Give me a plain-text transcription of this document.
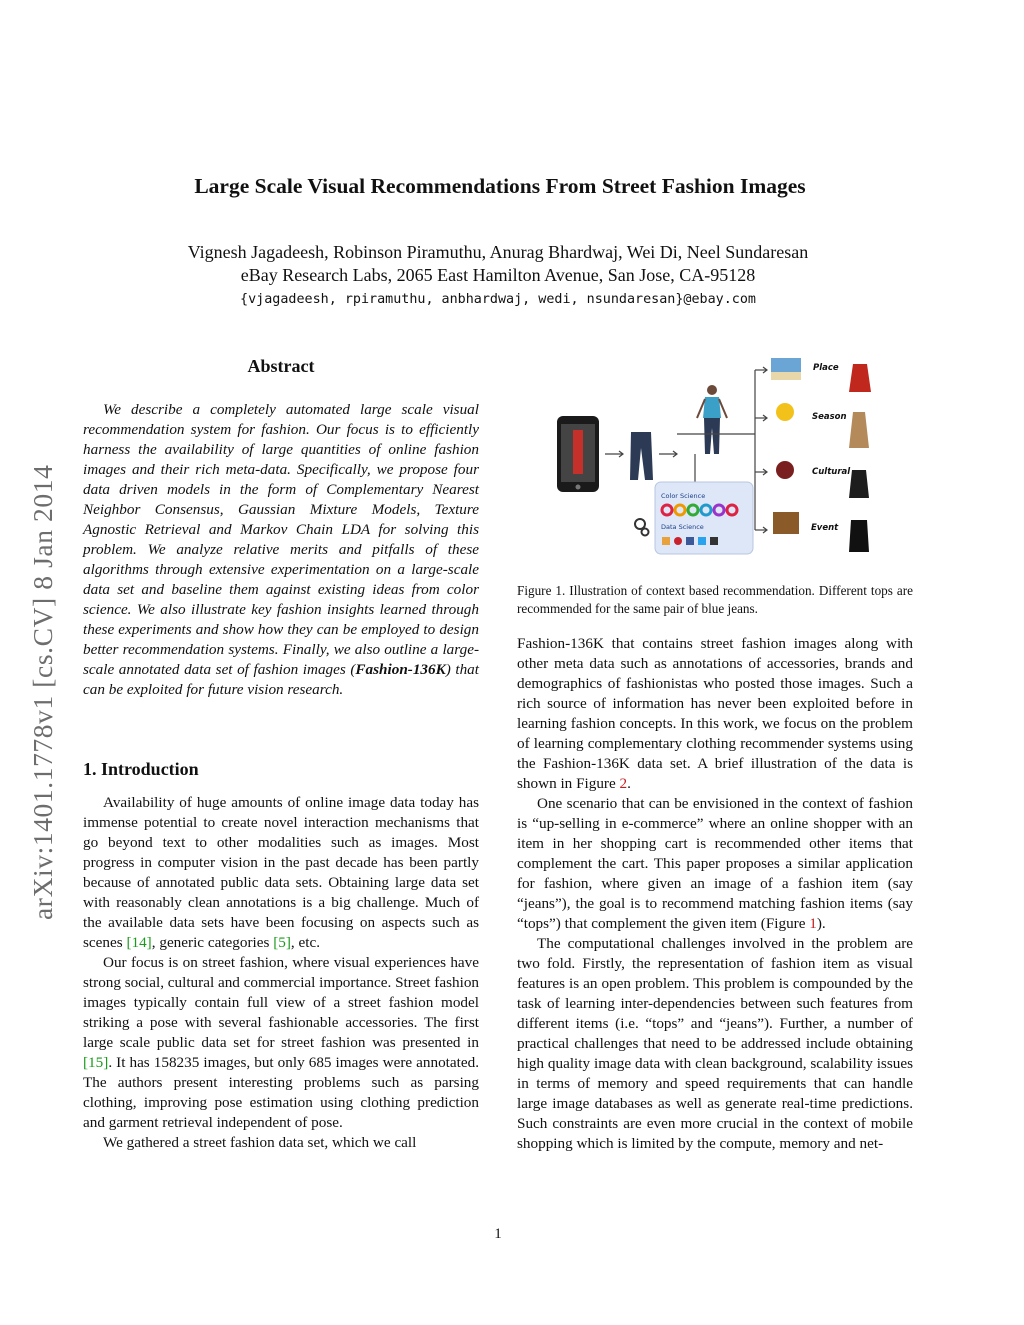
arXiv:1401.1778v1 [cs.CV] 8 Jan 2014
Large Scale Visual Recommendations From Street Fashion Images
Vignesh Jagadeesh, Robinson Piramuthu, Anurag Bhardwaj, Wei Di, Neel Sundaresan
eBay Research Labs, 2065 East Hamilton Avenue, San Jose, CA-95128
{vjagadeesh, rpiramuthu, anbhardwaj, wedi, nsundaresan}@ebay.com
Abstract

We describe a completely automated large scale visual recommendation system for fashion. Our focus is to efficiently harness the availability of large quantities of online fashion images and their rich meta-data. Specifically, we propose four data driven models in the form of Complementary Nearest Neighbor Consensus, Gaussian Mixture Models, Texture Agnostic Retrieval and Markov Chain LDA for solving this problem. We analyze relative merits and pitfalls of these algorithms through extensive experimentation on a large-scale data set and baseline them against existing ideas from color science. We also illustrate key fashion insights learned through these experiments and show how they can be employed to design better recommendation systems. Finally, we also outline a large-scale annotated data set of fashion images (Fashion-136K) that can be exploited for future vision research.

1. Introduction

Availability of huge amounts of online image data today has immense potential to create novel interaction mechanisms that go beyond text to other modalities such as images. Most progress in computer vision in the past decade has been partly because of annotated public data sets. Obtaining large data set with reasonably clean annotations is a big challenge. Much of the available data sets have been focusing on aspects such as scenes [14], generic categories [5], etc.

Our focus is on street fashion, where visual experiences have strong social, cultural and commercial importance. Street fashion images typically contain full view of a street fashion model striking a pose with several fashionable accessories. The first large scale public data set for street fashion was presented in [15]. It has 158235 images, but only 685 images were annotated. The authors present interesting problems such as parsing clothing, improving pose estimation using clothing prediction and garment retrieval independent of pose.

We gathered a street fashion data set, which we call

Place
Season
Cultural
Event
Color Science
Data Science
Figure 1. Illustration of context based recommendation. Different tops are recommended for the same pair of blue jeans.

Fashion-136K that contains street fashion images along with other meta data such as annotations of accessories, brands and demographics of fashionistas who posted those images. Such a rich source of information has never been exploited before in learning fashion concepts. In this work, we focus on the problem of learning complementary clothing recommender systems using the Fashion-136K data set. A brief illustration of the data is shown in Figure 2.

One scenario that can be envisioned in the context of fashion is “up-selling in e-commerce” where an online shopper with an item in her shopping cart is recommended other items that complement the cart. This paper proposes a similar application for fashion, where given an image of a fashion item (say “jeans”), the goal is to recommend matching fashion items (say “tops”) that complement the given item (Figure 1).

The computational challenges involved in the problem are two fold. Firstly, the representation of fashion item as visual features is an open problem. This problem is compounded by the task of learning inter-dependencies between such features from different items (i.e. “tops” and “jeans”). Further, a number of practical challenges that need to be addressed include obtaining high quality image data with clean background, scalability issues in terms of memory and speed requirements that can handle large image databases as well as generate real-time predictions. Such constraints are even more crucial in the context of mobile shopping which is limited by the compute, memory and net-

1
